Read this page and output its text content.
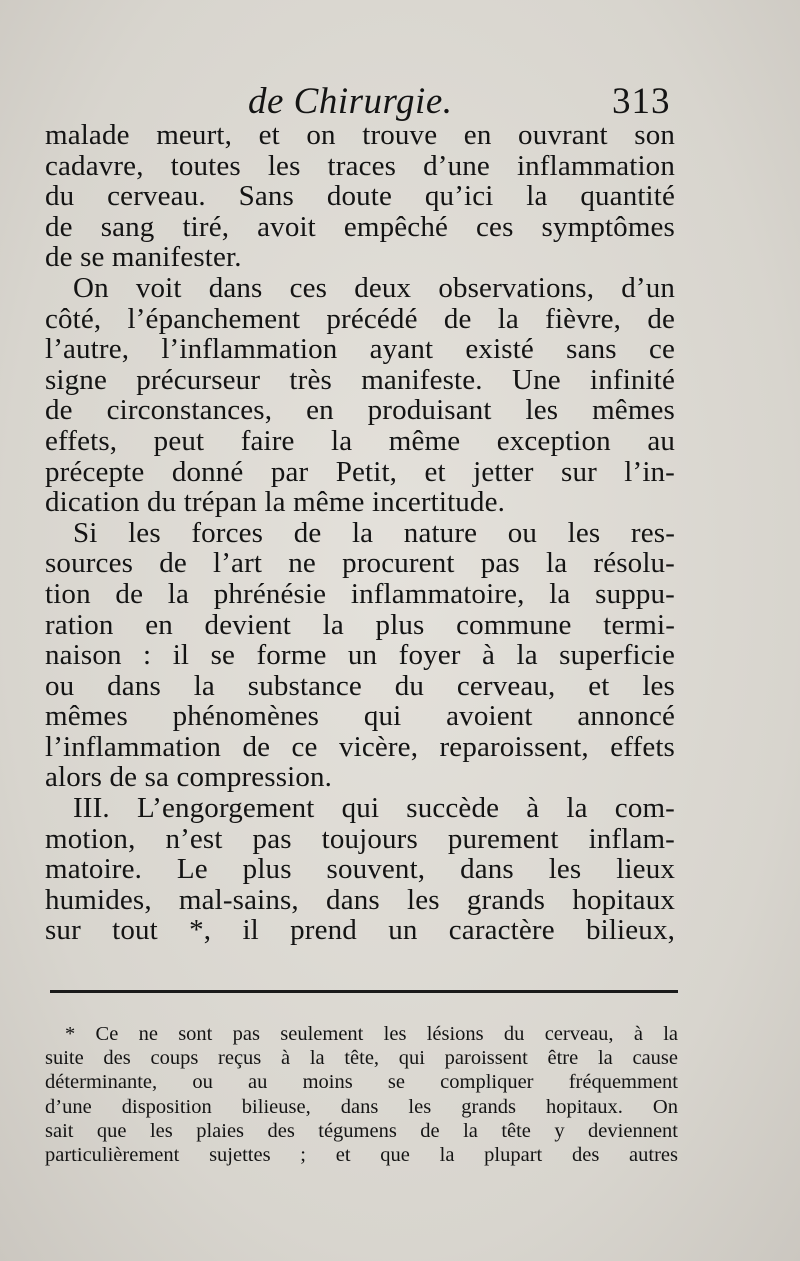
de Chirurgie.	313
malade meurt, et on trouve en ouvrant son
cadavre, toutes les traces d’une inflammation
du cerveau. Sans doute qu’ici la quantité
de sang tiré, avoit empêché ces symptômes
de se manifester.
On voit dans ces deux observations, d’un
côté, l’épanchement précédé de la fièvre, de
l’autre, l’inflammation ayant existé sans ce
signe précurseur très manifeste. Une infinité
de circonstances, en produisant les mêmes
effets, peut faire la même exception au
précepte donné par Petit, et jetter sur l’in-
dication du trépan la même incertitude.
Si les forces de la nature ou les res-
sources de l’art ne procurent pas la résolu-
tion de la phrénésie inflammatoire, la suppu-
ration en devient la plus commune termi-
naison : il se forme un foyer à la superficie
ou dans la substance du cerveau, et les
mêmes phénomènes qui avoient annoncé
l’inflammation de ce vicère, reparoissent, effets
alors de sa compression.
III. L’engorgement qui succède à la com-
motion, n’est pas toujours purement inflam-
matoire. Le plus souvent, dans les lieux
humides, mal-sains, dans les grands hopitaux
sur tout *, il prend un caractère bilieux,
* Ce ne sont pas seulement les lésions du cerveau, à la
suite des coups reçus à la tête, qui paroissent être la cause
déterminante, ou au moins se compliquer fréquemment
d’une disposition bilieuse, dans les grands hopitaux. On
sait que les plaies des tégumens de la tête y deviennent
particulièrement sujettes ; et que la plupart des autres
